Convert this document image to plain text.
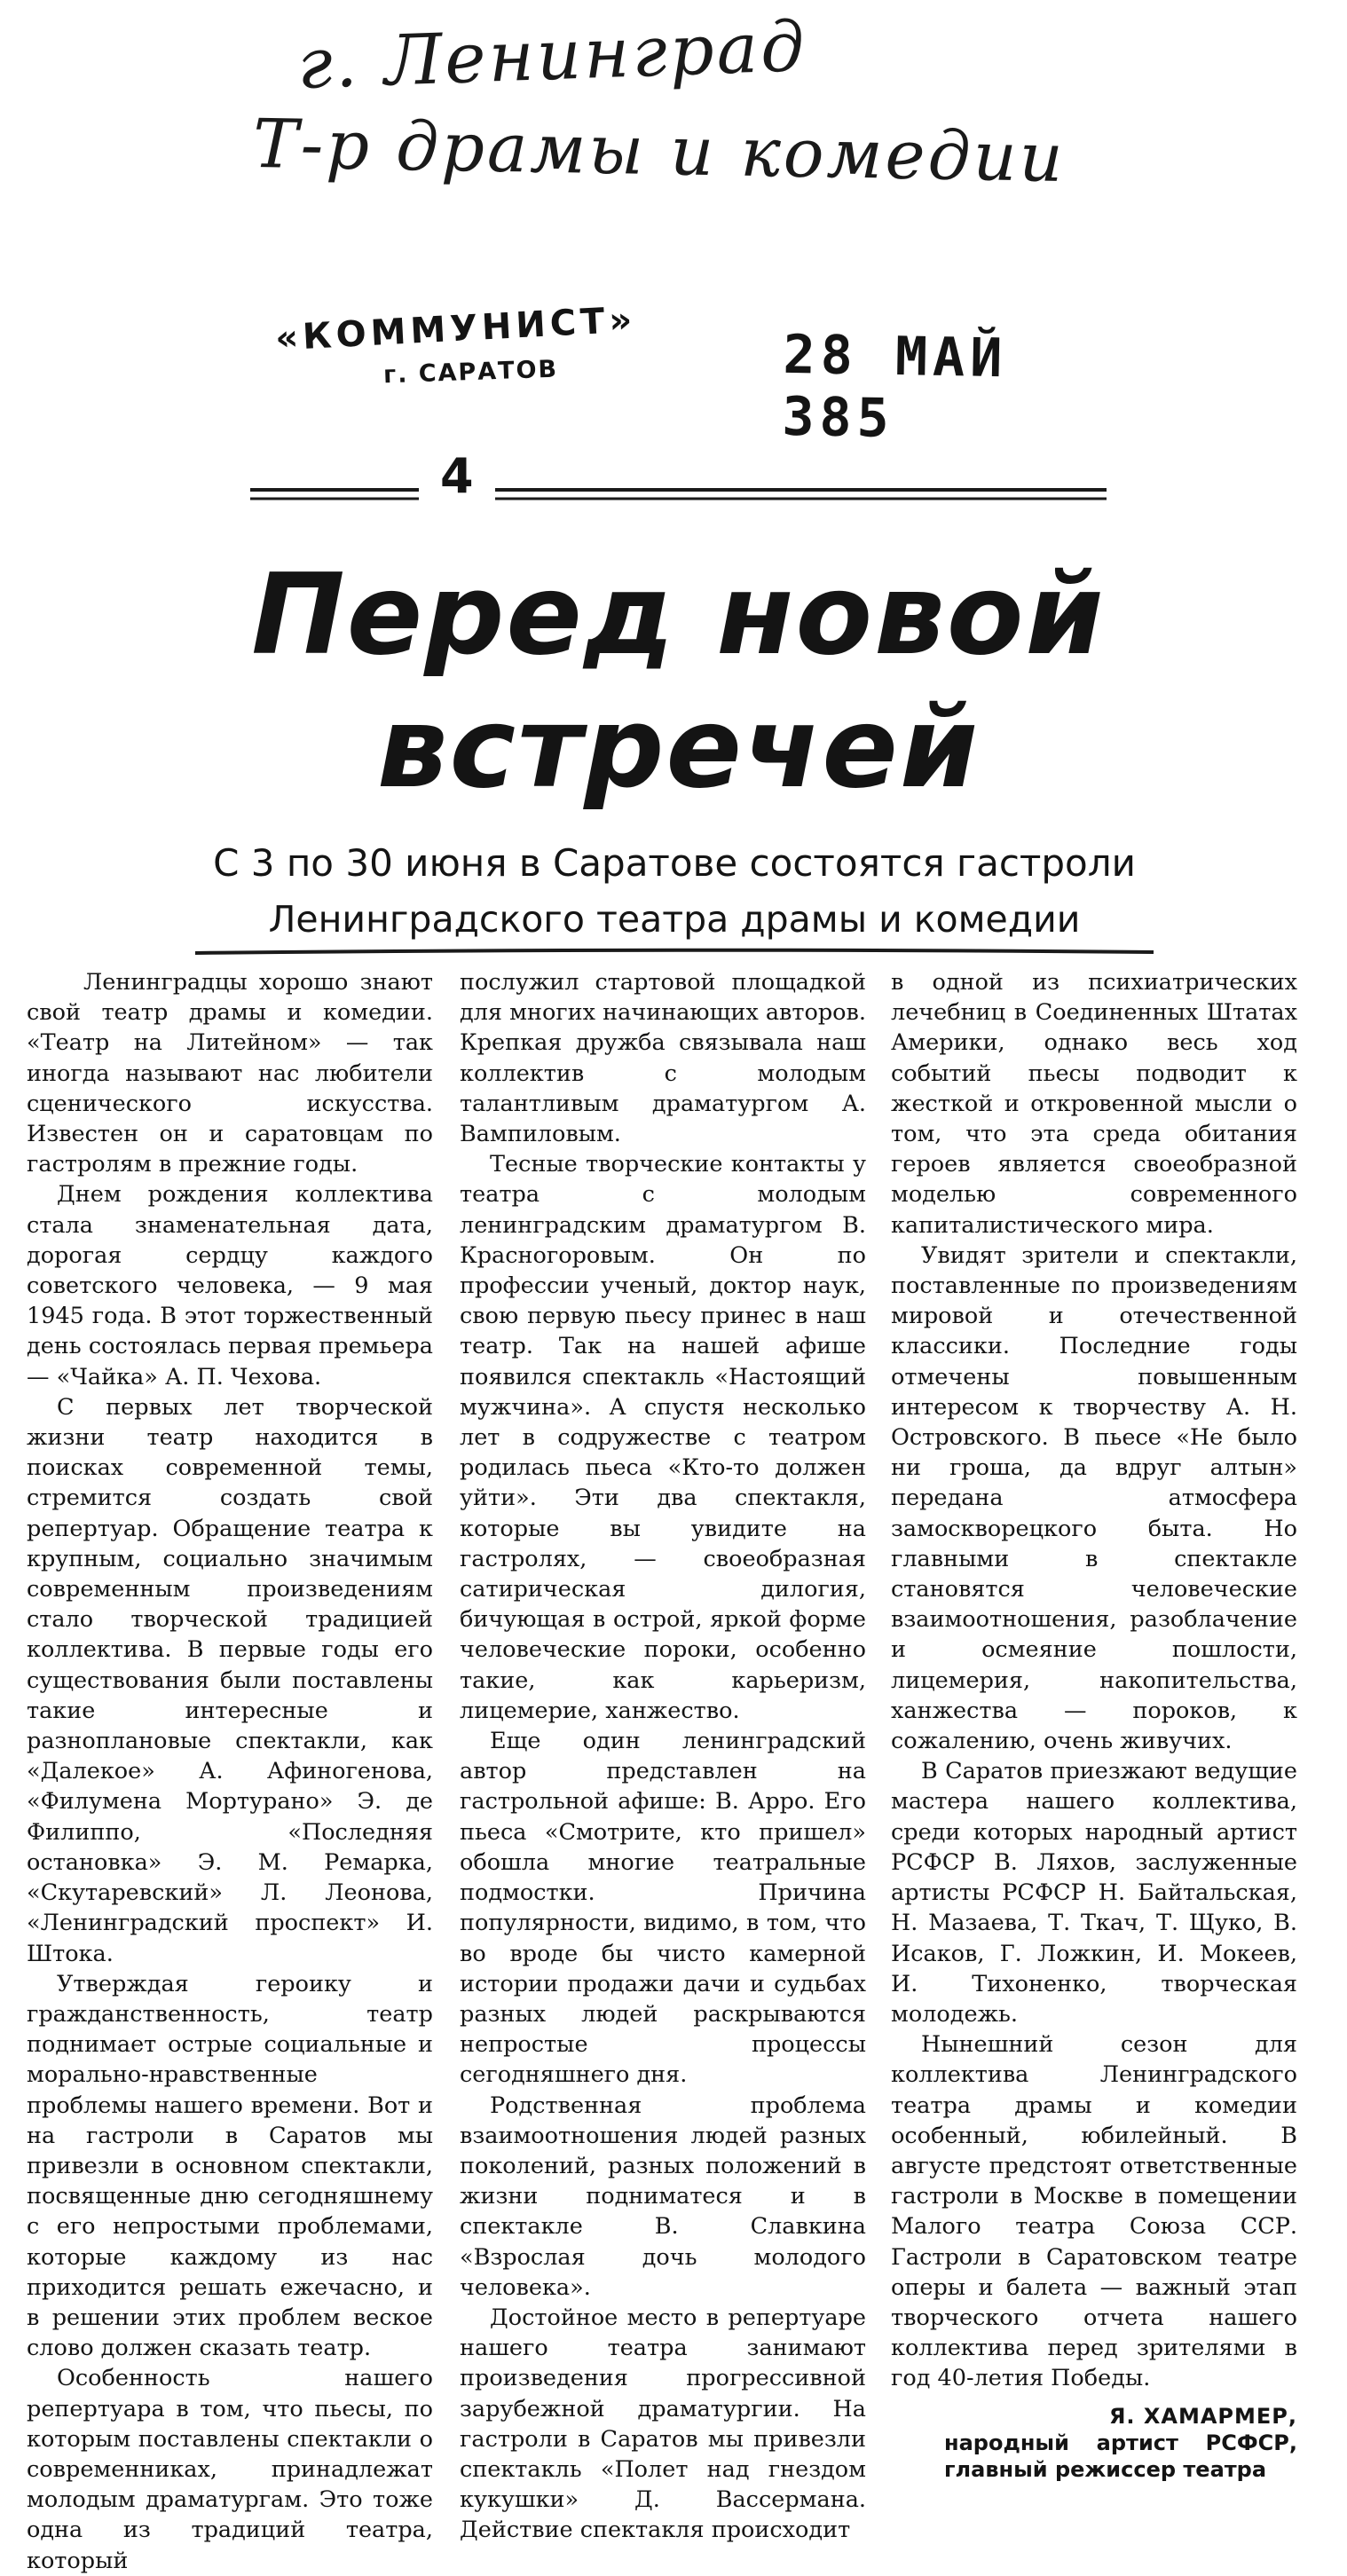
г. Ленинград
Т-р драмы и комедии
«КОММУНИСТ»
г. САРАТОВ	28 МАЙ 385
4
Перед новой
встречей
С 3 по 30 июня в Саратове состоятся гастроли
Ленинградского театра драмы и комедии

Ленинградцы хорошо знают свой театр драмы и комедии. «Театр на Литейном» — так иногда называют нас любители сценического искусства. Известен он и саратовцам по гастролям в прежние годы.

Днем рождения коллектива стала знаменательная дата, дорогая сердцу каждого советского человека, — 9 мая 1945 года. В этот торжественный день состоялась первая премьера — «Чайка» А. П. Чехова.

С первых лет творческой жизни театр находится в поисках современной темы, стремится создать свой репертуар. Обращение театра к крупным, социально значимым современным произведениям стало творческой традицией коллектива. В первые годы его существования были поставлены такие интересные и разноплановые спектакли, как «Далекое» А. Афиногенова, «Филумена Мортурано» Э. де Филиппо, «Последняя остановка» Э. М. Ремарка, «Скутаревский» Л. Леонова, «Ленинградский проспект» И. Штока.

Утверждая героику и гражданственность, театр поднимает острые социальные и морально-нравственные проблемы нашего времени. Вот и на гастроли в Саратов мы привезли в основном спектакли, посвященные дню сегодняшнему с его непростыми проблемами, которые каждому из нас приходится решать ежечасно, и в решении этих проблем веское слово должен сказать театр.

Особенность нашего репертуара в том, что пьесы, по которым поставлены спектакли о современниках, принадлежат молодым драматургам. Это тоже одна из традиций театра, который

послужил стартовой площадкой для многих начинающих авторов. Крепкая дружба связывала наш коллектив с молодым талантливым драматургом А. Вампиловым.

Тесные творческие контакты у театра с молодым ленинградским драматургом В. Красногоровым. Он по профессии ученый, доктор наук, свою первую пьесу принес в наш театр. Так на нашей афише появился спектакль «Настоящий мужчина». А спустя несколько лет в содружестве с театром родилась пьеса «Кто-то должен уйти». Эти два спектакля, которые вы увидите на гастролях, — своеобразная сатирическая дилогия, бичующая в острой, яркой форме человеческие пороки, особенно такие, как карьеризм, лицемерие, ханжество.

Еще один ленинградский автор представлен на гастрольной афише: В. Арро. Его пьеса «Смотрите, кто пришел» обошла многие театральные подмостки. Причина популярности, видимо, в том, что во вроде бы чисто камерной истории продажи дачи и судьбах разных людей раскрываются непростые процессы сегодняшнего дня.

Родственная проблема взаимоотношения людей разных поколений, разных положений в жизни подниматеся и в спектакле В. Славкина «Взрослая дочь молодого человека».

Достойное место в репертуаре нашего театра занимают произведения прогрессивной зарубежной драматургии. На гастроли в Саратов мы привезли спектакль «Полет над гнездом кукушки» Д. Вассермана. Действие спектакля происходит

в одной из психиатрических лечебниц в Соединенных Штатах Америки, однако весь ход событий пьесы подводит к жесткой и откровенной мысли о том, что эта среда обитания героев является своеобразной моделью современного капиталистического мира.

Увидят зрители и спектакли, поставленные по произведениям мировой и отечественной классики. Последние годы отмечены повышенным интересом к творчеству А. Н. Островского. В пьесе «Не было ни гроша, да вдруг алтын» передана атмосфера замоскворецкого быта. Но главными в спектакле становятся человеческие взаимоотношения, разоблачение и осмеяние пошлости, лицемерия, накопительства, ханжества — пороков, к сожалению, очень живучих.

В Саратов приезжают ведущие мастера нашего коллектива, среди которых народный артист РСФСР В. Ляхов, заслуженные артисты РСФСР Н. Байтальская, Н. Мазаева, Т. Ткач, Т. Щуко, В. Исаков, Г. Ложкин, И. Мокеев, И. Тихоненко, творческая молодежь.

Нынешний сезон для коллектива Ленинградского театра драмы и комедии особенный, юбилейный. В августе предстоят ответственные гастроли в Москве в помещении Малого театра Союза ССР. Гастроли в Саратовском театре оперы и балета — важный этап творческого отчета нашего коллектива перед зрителями в год 40-летия Победы.

Я. ХАМАРМЕР,
народный артист РСФСР, главный режиссер театра
